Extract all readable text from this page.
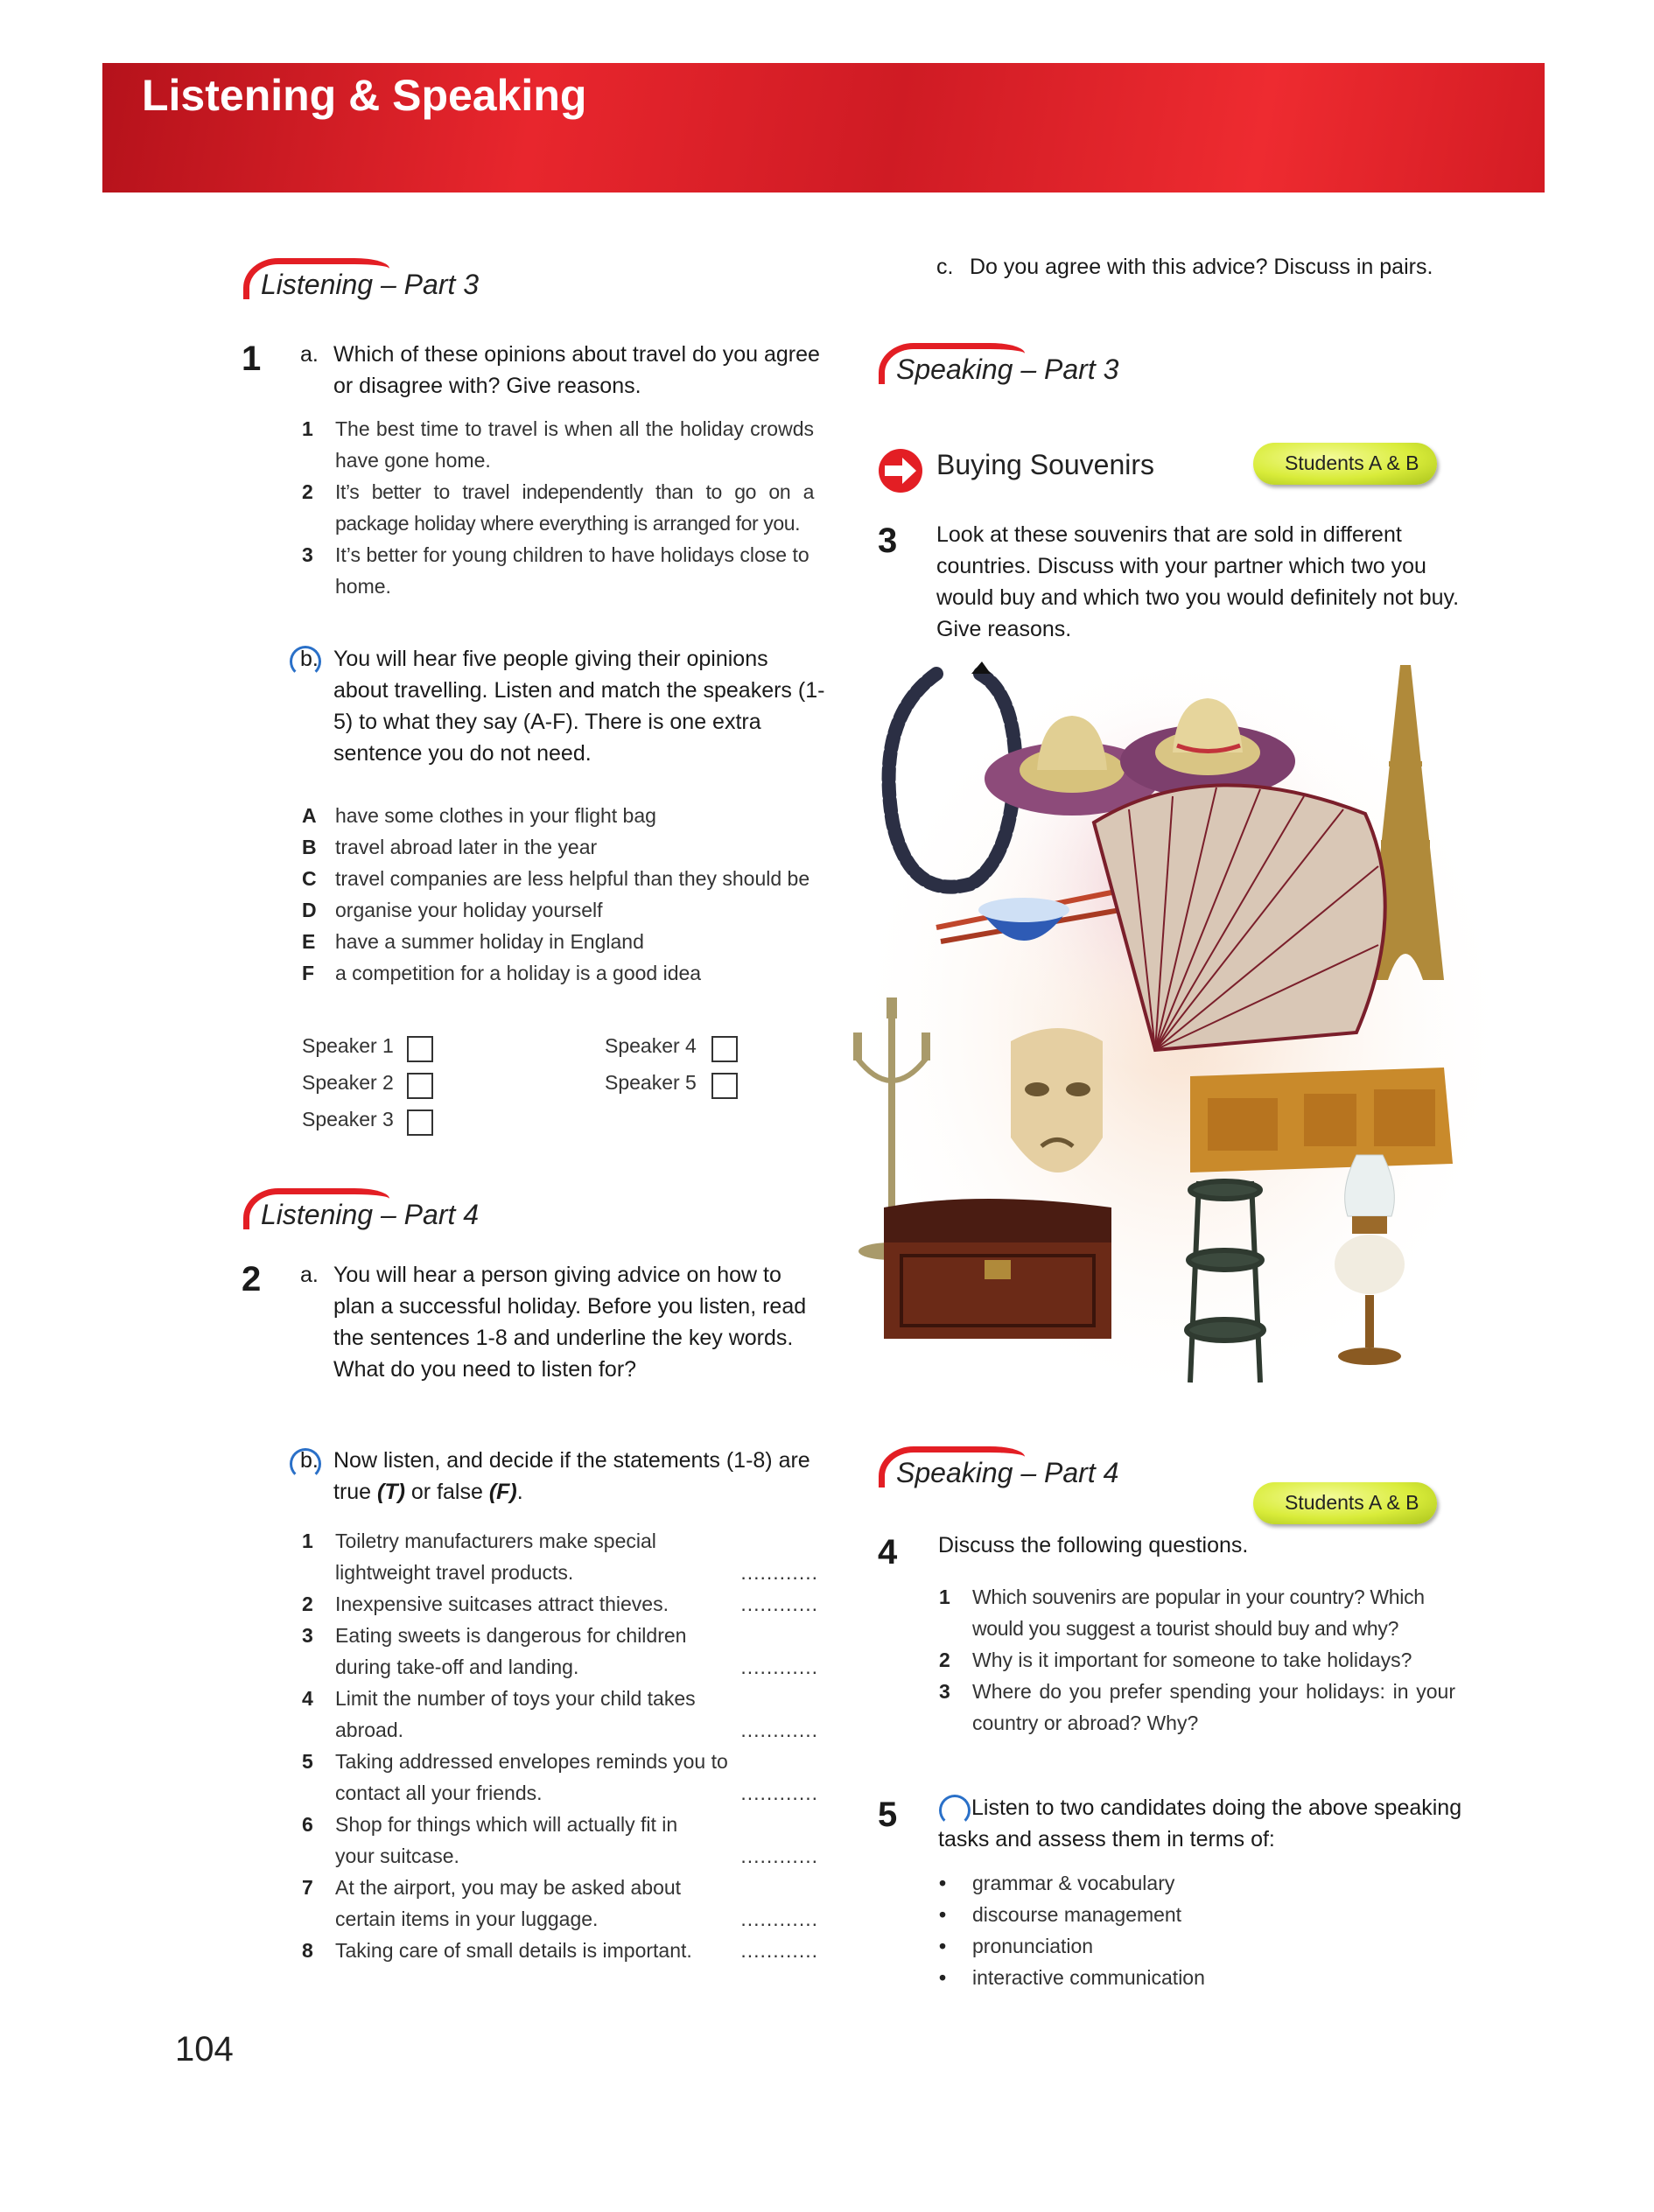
Listening & Speaking
Listening – Part 3
1 a. Which of these opinions about travel do you agree or disagree with? Give reasons.
1 The best time to travel is when all the holiday crowds have gone home.
2 It’s better to travel independently than to go on a package holiday where everything is arranged for you.
3 It’s better for young children to have holidays close to home.
b. You will hear five people giving their opinions about travelling. Listen and match the speakers (1-5) to what they say (A-F). There is one extra sentence you do not need.
A have some clothes in your flight bag
B travel abroad later in the year
C travel companies are less helpful than they should be
D organise your holiday yourself
E have a summer holiday in England
F a competition for a holiday is a good idea
Speaker 1
Speaker 2
Speaker 3
Speaker 4
Speaker 5
Listening – Part 4
2 a. You will hear a person giving advice on how to plan a successful holiday. Before you listen, read the sentences 1-8 and underline the key words. What do you need to listen for?
b. Now listen, and decide if the statements (1-8) are true (T) or false (F).
1 Toiletry manufacturers make special lightweight travel products.	............
2 Inexpensive suitcases attract thieves.	............
3 Eating sweets is dangerous for children during take-off and landing.	............
4 Limit the number of toys your child takes abroad.	............
5 Taking addressed envelopes reminds you to contact all your friends.	............
6 Shop for things which will actually fit in your suitcase.	............
7 At the airport, you may be asked about certain items in your luggage.	............
8 Taking care of small details is important.	............
104
c. Do you agree with this advice? Discuss in pairs.
Speaking – Part 3
Buying Souvenirs	Students A & B
3 Look at these souvenirs that are sold in different countries. Discuss with your partner which two you would buy and which two you would definitely not buy. Give reasons.
Speaking – Part 4
Students A & B
4 Discuss the following questions.
1 Which souvenirs are popular in your country? Which would you suggest a tourist should buy and why?
2 Why is it important for someone to take holidays?
3 Where do you prefer spending your holidays: in your country or abroad? Why?
5	Listen to two candidates doing the above speaking tasks and assess them in terms of:
• grammar & vocabulary
• discourse management
• pronunciation
• interactive communication
